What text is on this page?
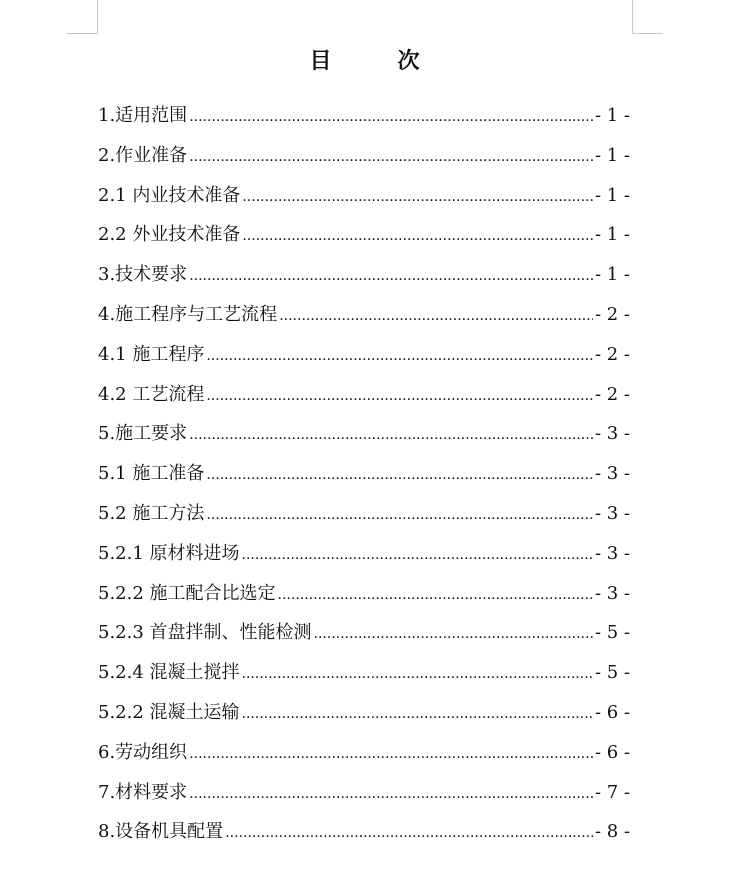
目　次
1.适用范围 .....	- 1 -
2.作业准备 .....	- 1 -
2.1 内业技术准备 .....	- 1 -
2.2 外业技术准备 .....	- 1 -
3.技术要求 .....	- 1 -
4.施工程序与工艺流程 .....	- 2 -
4.1 施工程序 .....	- 2 -
4.2 工艺流程 .....	- 2 -
5.施工要求 .....	- 3 -
5.1 施工准备 .....	- 3 -
5.2 施工方法 .....	- 3 -
5.2.1 原材料进场 .....	- 3 -
5.2.2 施工配合比选定 .....	- 3 -
5.2.3 首盘拌制、性能检测 .....	- 5 -
5.2.4 混凝土搅拌 .....	- 5 -
5.2.2 混凝土运输 .....	- 6 -
6.劳动组织 .....	- 6 -
7.材料要求 .....	- 7 -
8.设备机具配置 .....	- 8 -
